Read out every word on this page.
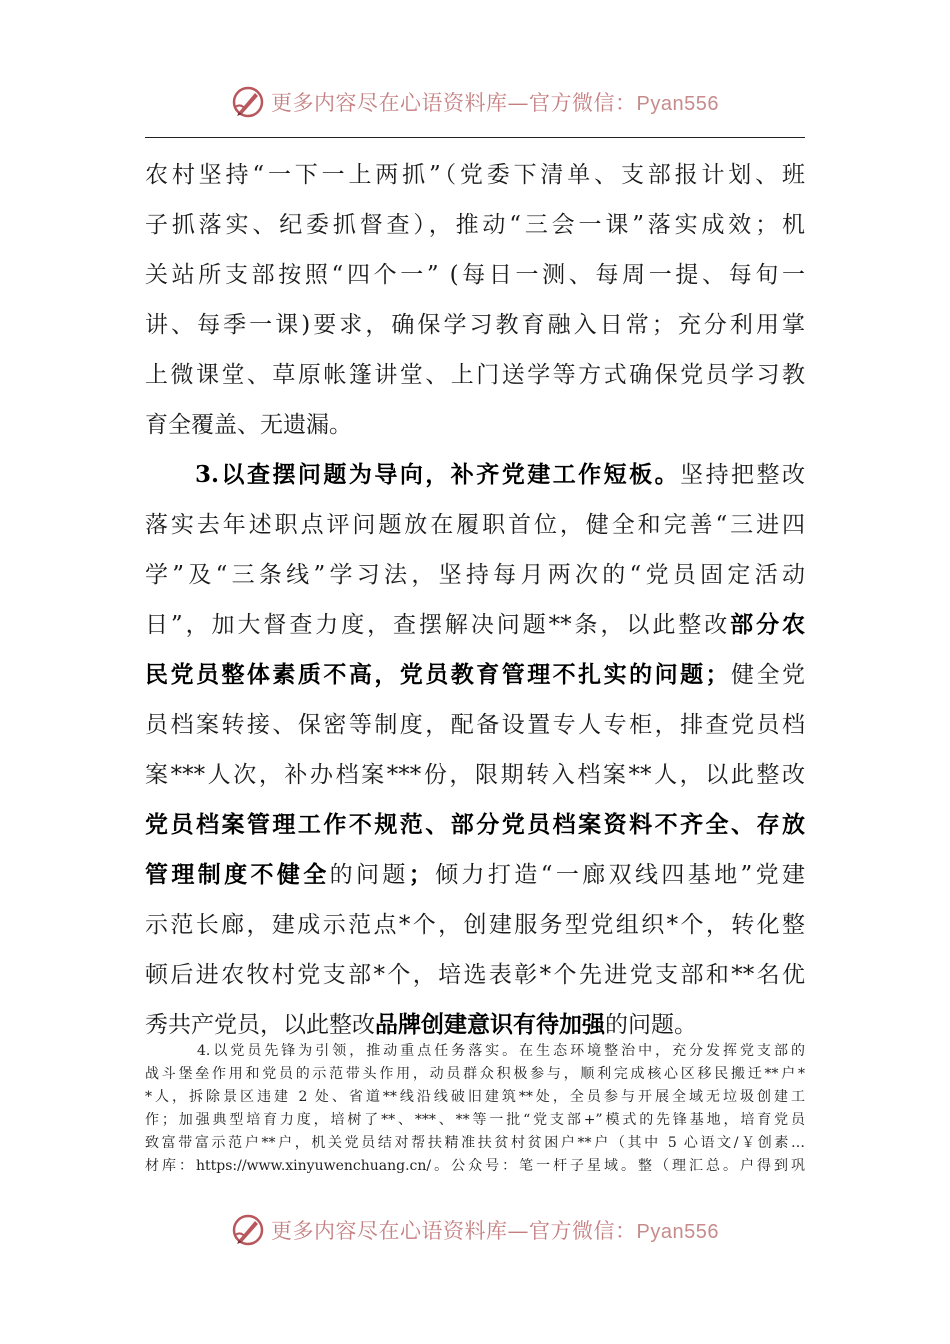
更多内容尽在心语资料库—官方微信：Pyan556
农村坚持“一下一上两抓”（党委下清单、支部报计划、班
子抓落实、纪委抓督查），推动“三会一课”落实成效；机
关站所支部按照“四个一” (每日一测、每周一提、每旬一
讲、每季一课)要求，确保学习教育融入日常；充分利用掌
上微课堂、草原帐篷讲堂、上门送学等方式确保党员学习教
育全覆盖、无遗漏。
3.以查摆问题为导向，补齐党建工作短板。坚持把整改
落实去年述职点评问题放在履职首位，健全和完善“三进四
学”及“三条线”学习法，坚持每月两次的“党员固定活动
日”，加大督查力度，查摆解决问题**条，以此整改部分农
民党员整体素质不高，党员教育管理不扎实的问题；健全党
员档案转接、保密等制度，配备设置专人专柜，排查党员档
案***人次，补办档案***份，限期转入档案**人，以此整改
党员档案管理工作不规范、部分党员档案资料不齐全、存放
管理制度不健全的问题；倾力打造“一廊双线四基地”党建
示范长廊，建成示范点*个，创建服务型党组织*个，转化整
顿后进农牧村党支部*个，培选表彰*个先进党支部和**名优
秀共产党员，以此整改品牌创建意识有待加强的问题。
4.以党员先锋为引领，推动重点任务落实。在生态环境整治中，充分发挥党支部的
战斗堡垒作用和党员的示范带头作用，动员群众积极参与，顺利完成核心区移民搬迁**户*
*人，拆除景区违建 2 处、省道**线沿线破旧建筑**处，全员参与开展全域无垃圾创建工
作；加强典型培育力度，培树了**、***、**等一批“党支部+”模式的先锋基地，培育党员
致富带富示范户**户，机关党员结对帮扶精准扶贫村贫困户**户（其中 5 心语文/￥创素…
材库：https://www.xinyuwenchuang.cn/。公众号：笔一杆子星域。整（理汇总。户得到巩
更多内容尽在心语资料库—官方微信：Pyan556
